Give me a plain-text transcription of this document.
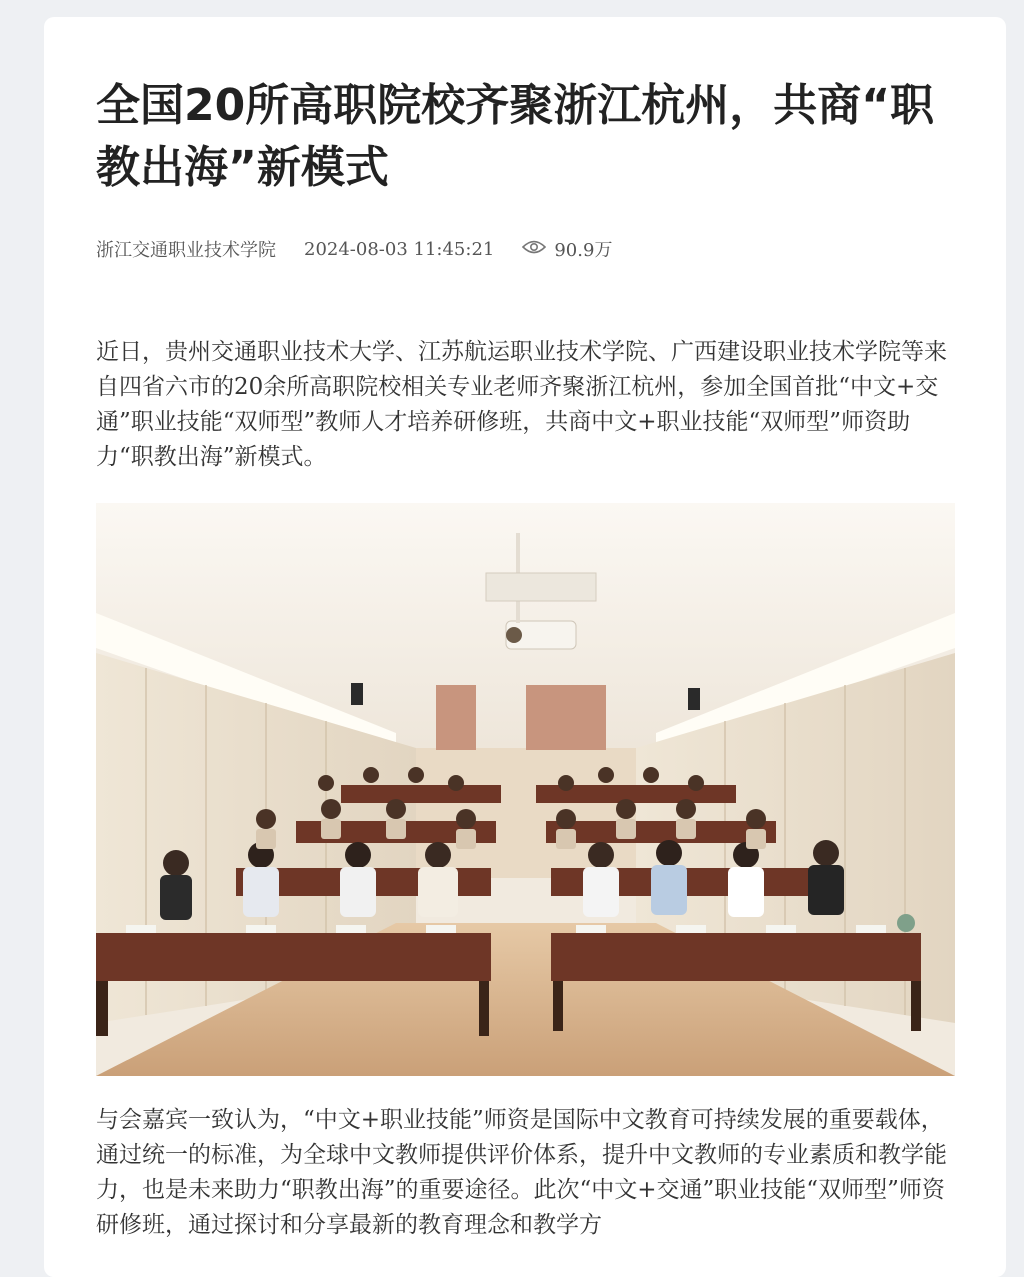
全国20所高职院校齐聚浙江杭州，共商“职教出海”新模式
浙江交通职业技术学院 2024-08-03 11:45:21	90.9万

近日，贵州交通职业技术大学、江苏航运职业技术学院、广西建设职业技术学院等来自四省六市的20余所高职院校相关专业老师齐聚浙江杭州，参加全国首批“中文+交通”职业技能“双师型”教师人才培养研修班，共商中文+职业技能“双师型”师资助力“职教出海”新模式。

与会嘉宾一致认为，“中文+职业技能”师资是国际中文教育可持续发展的重要载体，通过统一的标准，为全球中文教师提供评价体系，提升中文教师的专业素质和教学能力，也是未来助力“职教出海”的重要途径。此次“中文+交通”职业技能“双师型”师资研修班，通过探讨和分享最新的教育理念和教学方
